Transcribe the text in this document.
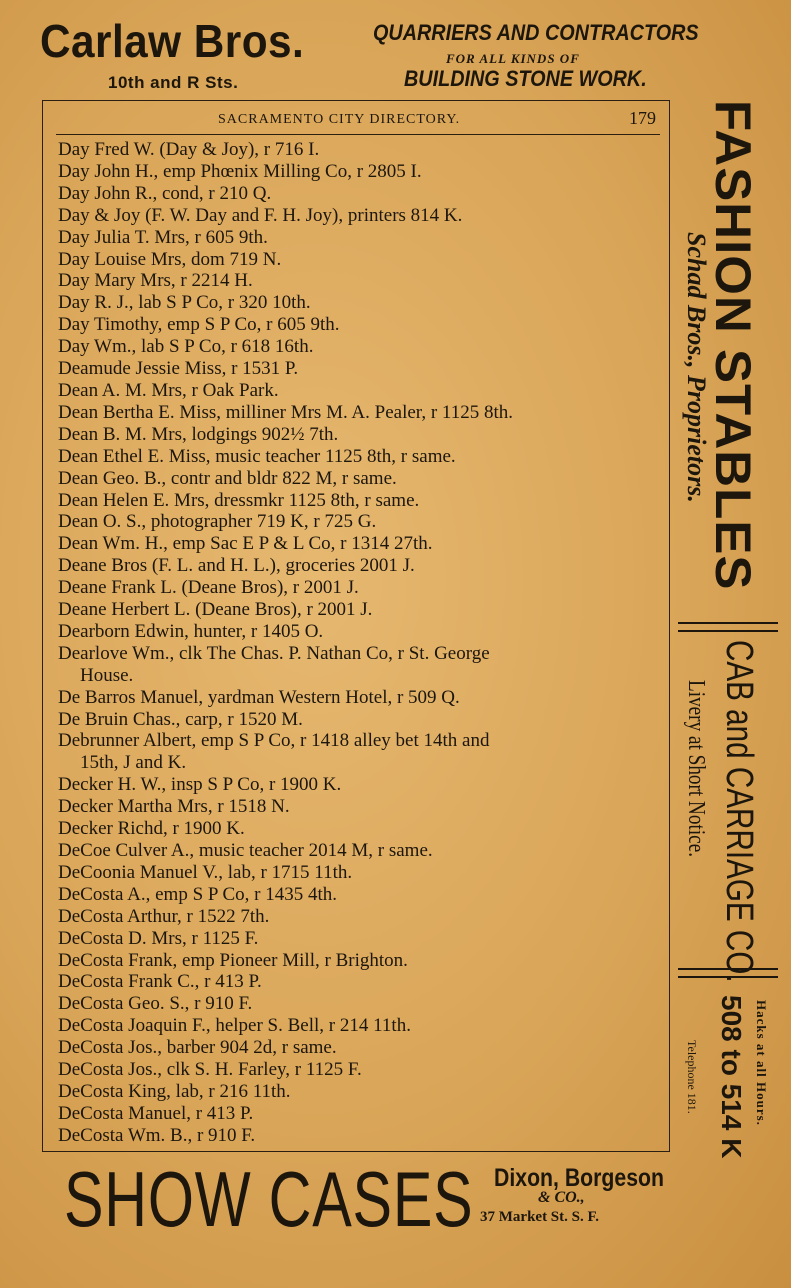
Carlaw Bros.
10th and R Sts.
QUARRIERS AND CONTRACTORS
FOR ALL KINDS OF
BUILDING STONE WORK.
SACRAMENTO CITY DIRECTORY.	179
Day Fred W. (Day & Joy), r 716 I.
Day John H., emp Phœnix Milling Co, r 2805 I.
Day John R., cond, r 210 Q.
Day & Joy (F. W. Day and F. H. Joy), printers 814 K.
Day Julia T. Mrs, r 605 9th.
Day Louise Mrs, dom 719 N.
Day Mary Mrs, r 2214 H.
Day R. J., lab S P Co, r 320 10th.
Day Timothy, emp S P Co, r 605 9th.
Day Wm., lab S P Co, r 618 16th.
Deamude Jessie Miss, r 1531 P.
Dean A. M. Mrs, r Oak Park.
Dean Bertha E. Miss, milliner Mrs M. A. Pealer, r 1125 8th.
Dean B. M. Mrs, lodgings 902½ 7th.
Dean Ethel E. Miss, music teacher 1125 8th, r same.
Dean Geo. B., contr and bldr 822 M, r same.
Dean Helen E. Mrs, dressmkr 1125 8th, r same.
Dean O. S., photographer 719 K, r 725 G.
Dean Wm. H., emp Sac E P & L Co, r 1314 27th.
Deane Bros (F. L. and H. L.), groceries 2001 J.
Deane Frank L. (Deane Bros), r 2001 J.
Deane Herbert L. (Deane Bros), r 2001 J.
Dearborn Edwin, hunter, r 1405 O.
Dearlove Wm., clk The Chas. P. Nathan Co, r St. George
House.
De Barros Manuel, yardman Western Hotel, r 509 Q.
De Bruin Chas., carp, r 1520 M.
Debrunner Albert, emp S P Co, r 1418 alley bet 14th and
15th, J and K.
Decker H. W., insp S P Co, r 1900 K.
Decker Martha Mrs, r 1518 N.
Decker Richd, r 1900 K.
DeCoe Culver A., music teacher 2014 M, r same.
DeCoonia Manuel V., lab, r 1715 11th.
DeCosta A., emp S P Co, r 1435 4th.
DeCosta Arthur, r 1522 7th.
DeCosta D. Mrs, r 1125 F.
DeCosta Frank, emp Pioneer Mill, r Brighton.
DeCosta Frank C., r 413 P.
DeCosta Geo. S., r 910 F.
DeCosta Joaquin F., helper S. Bell, r 214 11th.
DeCosta Jos., barber 904 2d, r same.
DeCosta Jos., clk S. H. Farley, r 1125 F.
DeCosta King, lab, r 216 11th.
DeCosta Manuel, r 413 P.
DeCosta Wm. B., r 910 F.
FASHION STABLES
Schad Bros., Proprietors.
CAB and CARRIAGE CO.
Livery at Short Notice.
Hacks at all Hours.
508 to 514 K
Telephone 181.
SHOW CASES Dixon, Borgeson
& CO.,
37 Market St. S. F.
